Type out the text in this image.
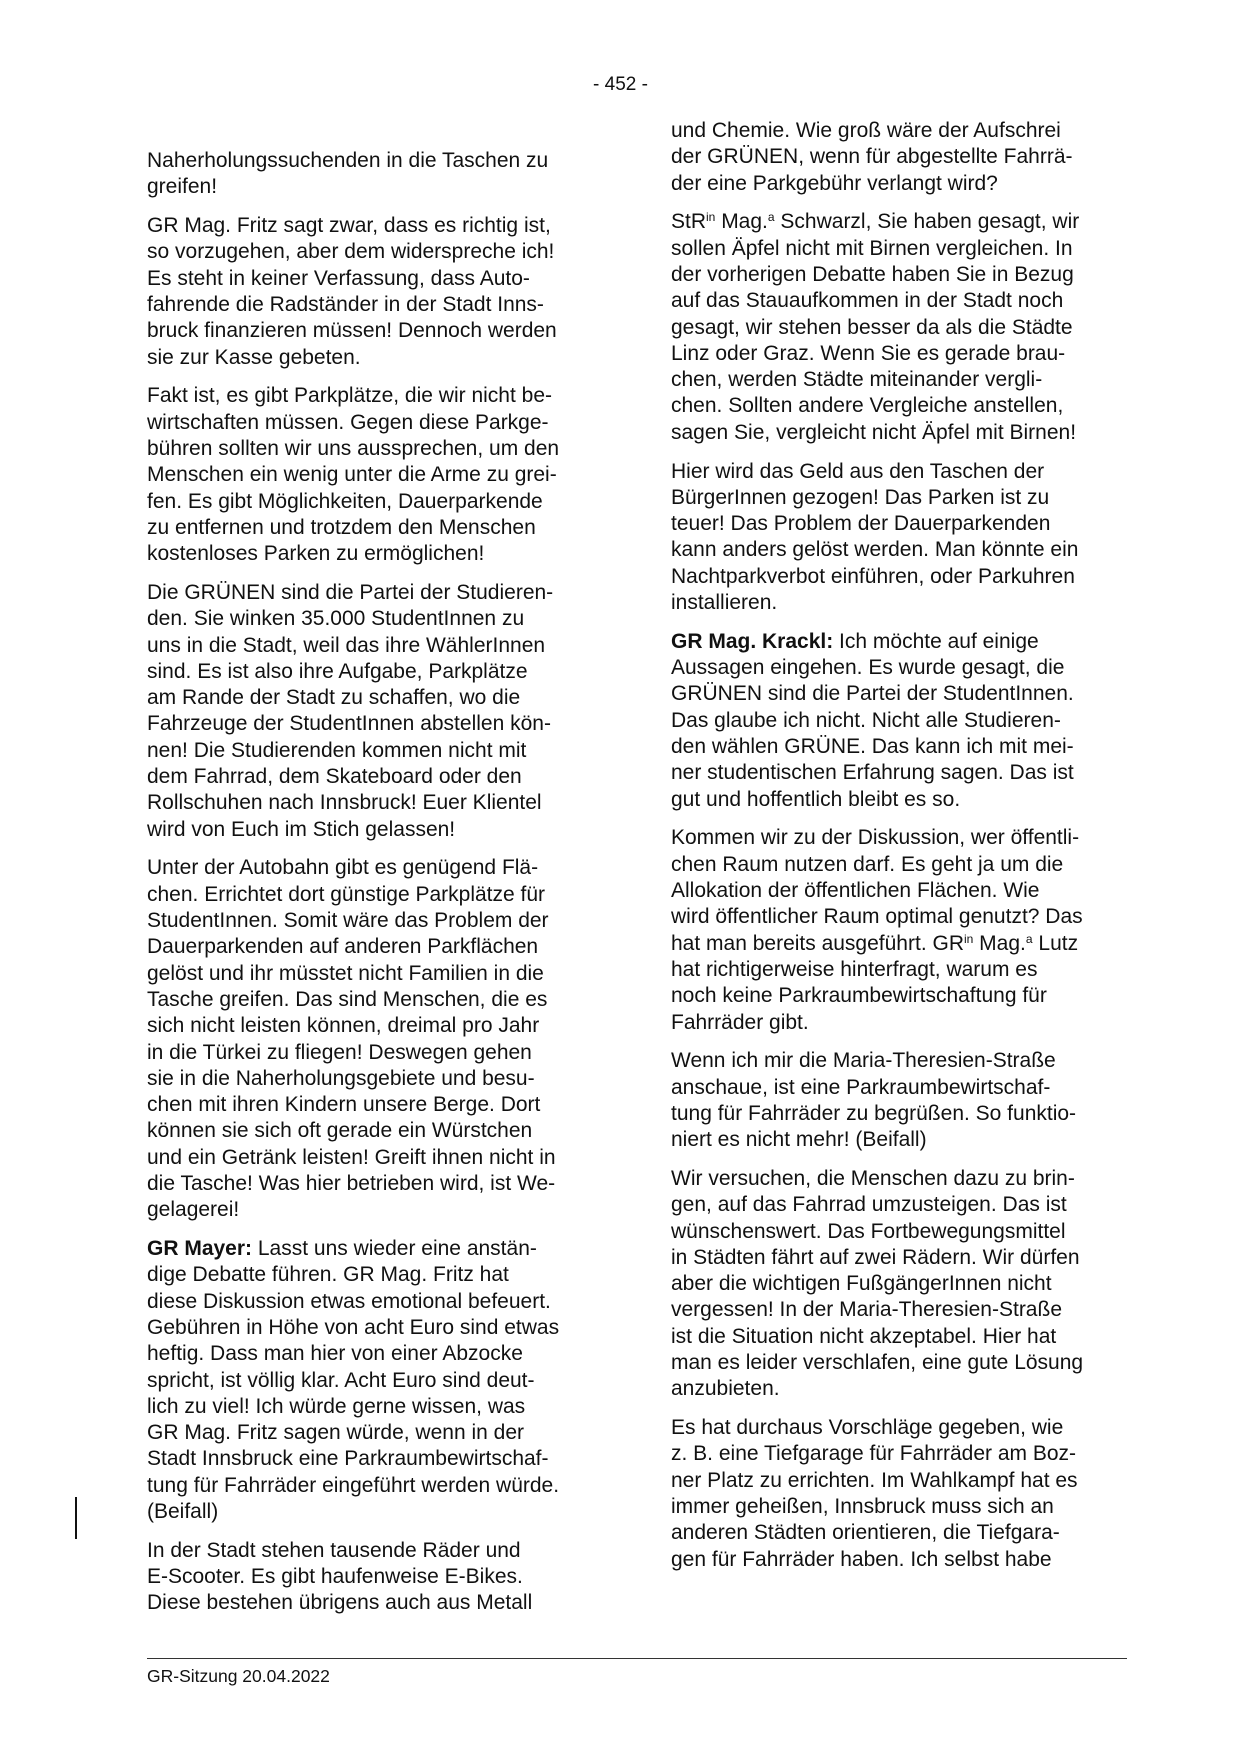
- 452 -

Naherholungssuchenden in die Taschen zu
greifen!

GR Mag. Fritz sagt zwar, dass es richtig ist,
so vorzugehen, aber dem widerspreche ich!
Es steht in keiner Verfassung, dass Auto-
fahrende die Radständer in der Stadt Inns-
bruck finanzieren müssen! Dennoch werden
sie zur Kasse gebeten.

Fakt ist, es gibt Parkplätze, die wir nicht be-
wirtschaften müssen. Gegen diese Parkge-
bühren sollten wir uns aussprechen, um den
Menschen ein wenig unter die Arme zu grei-
fen. Es gibt Möglichkeiten, Dauerparkende
zu entfernen und trotzdem den Menschen
kostenloses Parken zu ermöglichen!

Die GRÜNEN sind die Partei der Studieren-
den. Sie winken 35.000 StudentInnen zu
uns in die Stadt, weil das ihre WählerInnen
sind. Es ist also ihre Aufgabe, Parkplätze
am Rande der Stadt zu schaffen, wo die
Fahrzeuge der StudentInnen abstellen kön-
nen! Die Studierenden kommen nicht mit
dem Fahrrad, dem Skateboard oder den
Rollschuhen nach Innsbruck! Euer Klientel
wird von Euch im Stich gelassen!

Unter der Autobahn gibt es genügend Flä-
chen. Errichtet dort günstige Parkplätze für
StudentInnen. Somit wäre das Problem der
Dauerparkenden auf anderen Parkflächen
gelöst und ihr müsstet nicht Familien in die
Tasche greifen. Das sind Menschen, die es
sich nicht leisten können, dreimal pro Jahr
in die Türkei zu fliegen! Deswegen gehen
sie in die Naherholungsgebiete und besu-
chen mit ihren Kindern unsere Berge. Dort
können sie sich oft gerade ein Würstchen
und ein Getränk leisten! Greift ihnen nicht in
die Tasche! Was hier betrieben wird, ist We-
gelagerei!

GR Mayer: Lasst uns wieder eine anstän-
dige Debatte führen. GR Mag. Fritz hat
diese Diskussion etwas emotional befeuert.
Gebühren in Höhe von acht Euro sind etwas
heftig. Dass man hier von einer Abzocke
spricht, ist völlig klar. Acht Euro sind deut-
lich zu viel! Ich würde gerne wissen, was
GR Mag. Fritz sagen würde, wenn in der
Stadt Innsbruck eine Parkraumbewirtschaf-
tung für Fahrräder eingeführt werden würde.
(Beifall)

In der Stadt stehen tausende Räder und
E-Scooter. Es gibt haufenweise E-Bikes.
Diese bestehen übrigens auch aus Metall

und Chemie. Wie groß wäre der Aufschrei
der GRÜNEN, wenn für abgestellte Fahrrä-
der eine Parkgebühr verlangt wird?

StR$^{in}$ Mag.$^a$ Schwarzl, Sie haben gesagt, wir
sollen Äpfel nicht mit Birnen vergleichen. In
der vorherigen Debatte haben Sie in Bezug
auf das Stauaufkommen in der Stadt noch
gesagt, wir stehen besser da als die Städte
Linz oder Graz. Wenn Sie es gerade brau-
chen, werden Städte miteinander vergli-
chen. Sollten andere Vergleiche anstellen,
sagen Sie, vergleicht nicht Äpfel mit Birnen!

Hier wird das Geld aus den Taschen der
BürgerInnen gezogen! Das Parken ist zu
teuer! Das Problem der Dauerparkenden
kann anders gelöst werden. Man könnte ein
Nachtparkverbot einführen, oder Parkuhren
installieren.

GR Mag. Krackl: Ich möchte auf einige
Aussagen eingehen. Es wurde gesagt, die
GRÜNEN sind die Partei der StudentInnen.
Das glaube ich nicht. Nicht alle Studieren-
den wählen GRÜNE. Das kann ich mit mei-
ner studentischen Erfahrung sagen. Das ist
gut und hoffentlich bleibt es so.

Kommen wir zu der Diskussion, wer öffentli-
chen Raum nutzen darf. Es geht ja um die
Allokation der öffentlichen Flächen. Wie
wird öffentlicher Raum optimal genutzt? Das
hat man bereits ausgeführt. $GR^{in}$ Mag.$^a$ Lutz
hat richtigerweise hinterfragt, warum es
noch keine Parkraumbewirtschaftung für
Fahrräder gibt.

Wenn ich mir die Maria-Theresien-Straße
anschaue, ist eine Parkraumbewirtschaf-
tung für Fahrräder zu begrüßen. So funktio-
niert es nicht mehr! (Beifall)

Wir versuchen, die Menschen dazu zu brin-
gen, auf das Fahrrad umzusteigen. Das ist
wünschenswert. Das Fortbewegungsmittel
in Städten fährt auf zwei Rädern. Wir dürfen
aber die wichtigen FußgängerInnen nicht
vergessen! In der Maria-Theresien-Straße
ist die Situation nicht akzeptabel. Hier hat
man es leider verschlafen, eine gute Lösung
anzubieten.

Es hat durchaus Vorschläge gegeben, wie
z. B. eine Tiefgarage für Fahrräder am Boz-
ner Platz zu errichten. Im Wahlkampf hat es
immer geheißen, Innsbruck muss sich an
anderen Städten orientieren, die Tiefgara-
gen für Fahrräder haben. Ich selbst habe

GR-Sitzung 20.04.2022
